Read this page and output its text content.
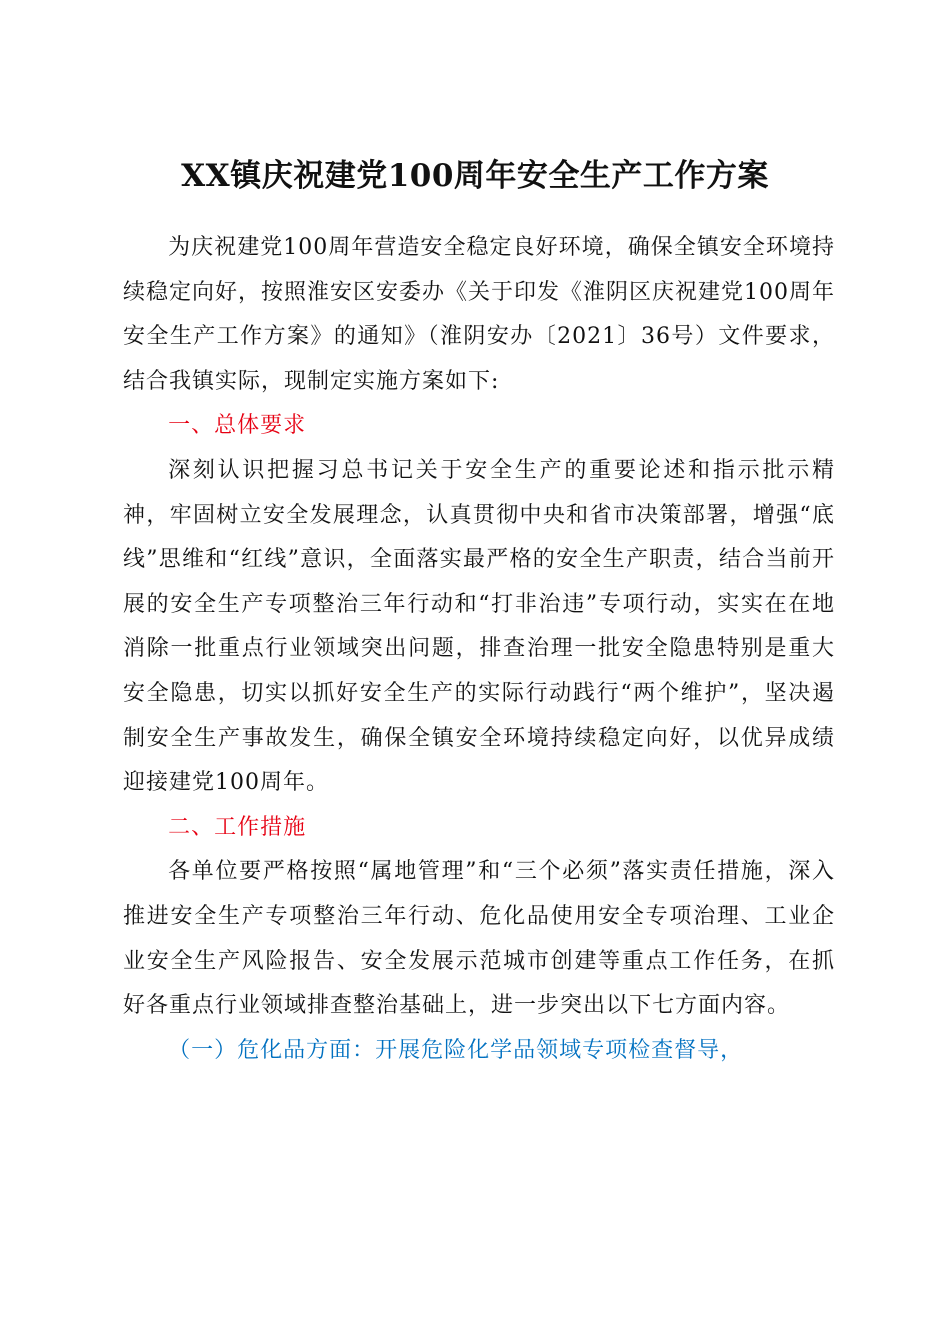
XX镇庆祝建党100周年安全生产工作方案

为庆祝建党100周年营造安全稳定良好环境，确保全镇安全环境持续稳定向好，按照淮安区安委办《关于印发《淮阴区庆祝建党100周年安全生产工作方案》的通知》（淮阴安办〔2021〕36号）文件要求，结合我镇实际，现制定实施方案如下:

一、总体要求

深刻认识把握习总书记关于安全生产的重要论述和指示批示精神，牢固树立安全发展理念，认真贯彻中央和省市决策部署，增强“底线”思维和“红线”意识，全面落实最严格的安全生产职责，结合当前开展的安全生产专项整治三年行动和“打非治违”专项行动，实实在在地消除一批重点行业领域突出问题，排查治理一批安全隐患特别是重大安全隐患，切实以抓好安全生产的实际行动践行“两个维护”，坚决遏制安全生产事故发生，确保全镇安全环境持续稳定向好，以优异成绩迎接建党100周年。

二、工作措施

各单位要严格按照“属地管理”和“三个必须”落实责任措施，深入推进安全生产专项整治三年行动、危化品使用安全专项治理、工业企业安全生产风险报告、安全发展示范城市创建等重点工作任务，在抓好各重点行业领域排查整治基础上，进一步突出以下七方面内容。

（一）危化品方面：开展危险化学品领域专项检查督导，
